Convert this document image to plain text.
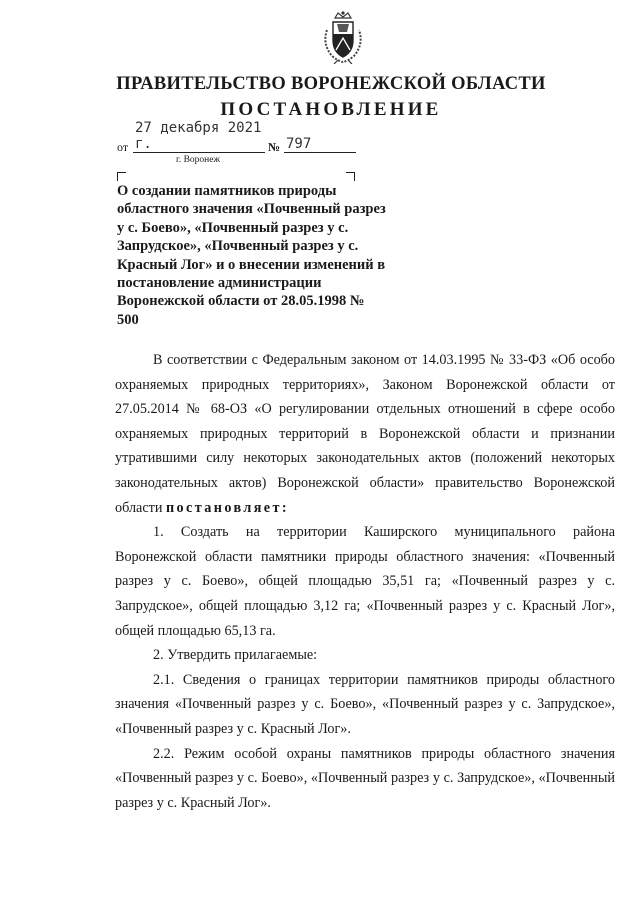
ПРАВИТЕЛЬСТВО ВОРОНЕЖСКОЙ ОБЛАСТИ
ПОСТАНОВЛЕНИЕ
от
27 декабря 2021 г.	№ 797
г. Воронеж
О создании памятников природы областного значения «Почвенный разрез у с. Боево», «Почвенный разрез у с. Запрудское», «Почвенный разрез у с. Красный Лог» и о внесении изменений в постановление администрации Воронежской области от 28.05.1998 № 500

В соответствии с Федеральным законом от 14.03.1995 № 33-ФЗ «Об особо охраняемых природных территориях», Законом Воронежской области от 27.05.2014 № 68-ОЗ «О регулировании отдельных отношений в сфере особо охраняемых природных территорий в Воронежской области и признании утратившими силу некоторых законодательных актов (положений некоторых законодательных актов) Воронежской области» правительство Воронежской области постановляет:

1. Создать на территории Каширского муниципального района Воронежской области памятники природы областного значения: «Почвенный разрез у с. Боево», общей площадью 35,51 га; «Почвенный разрез у с. Запрудское», общей площадью 3,12 га; «Почвенный разрез у с. Красный Лог», общей площадью 65,13 га.

2. Утвердить прилагаемые:

2.1. Сведения о границах территории памятников природы областного значения «Почвенный разрез у с. Боево», «Почвенный разрез у с. Запрудское», «Почвенный разрез у с. Красный Лог».

2.2. Режим особой охраны памятников природы областного значения «Почвенный разрез у с. Боево», «Почвенный разрез у с. Запрудское», «Почвенный разрез у с. Красный Лог».
